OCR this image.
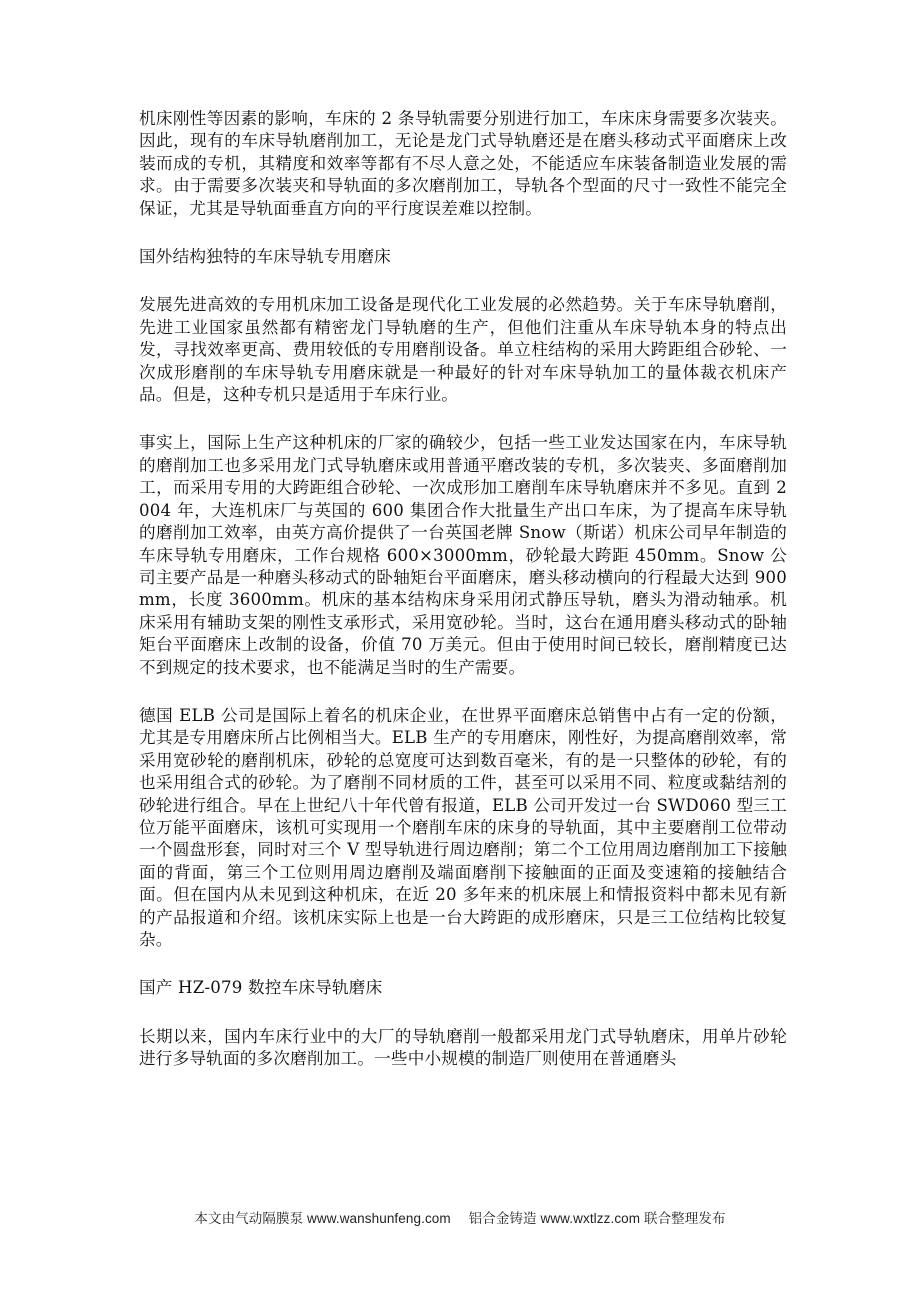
机床刚性等因素的影响，车床的 2 条导轨需要分别进行加工，车床床身需要多次装夹。因此，现有的车床导轨磨削加工，无论是龙门式导轨磨还是在磨头移动式平面磨床上改装而成的专机，其精度和效率等都有不尽人意之处，不能适应车床装备制造业发展的需求。由于需要多次装夹和导轨面的多次磨削加工，导轨各个型面的尺寸一致性不能完全保证，尤其是导轨面垂直方向的平行度误差难以控制。

国外结构独特的车床导轨专用磨床

发展先进高效的专用机床加工设备是现代化工业发展的必然趋势。关于车床导轨磨削，先进工业国家虽然都有精密龙门导轨磨的生产，但他们注重从车床导轨本身的特点出发，寻找效率更高、费用较低的专用磨削设备。单立柱结构的采用大跨距组合砂轮、一次成形磨削的车床导轨专用磨床就是一种最好的针对车床导轨加工的量体裁衣机床产品。但是，这种专机只是适用于车床行业。

事实上，国际上生产这种机床的厂家的确较少，包括一些工业发达国家在内，车床导轨的磨削加工也多采用龙门式导轨磨床或用普通平磨改装的专机，多次装夹、多面磨削加工，而采用专用的大跨距组合砂轮、一次成形加工磨削车床导轨磨床并不多见。直到 2004 年，大连机床厂与英国的 600 集团合作大批量生产出口车床，为了提高车床导轨的磨削加工效率，由英方高价提供了一台英国老牌 Snow（斯诺）机床公司早年制造的车床导轨专用磨床，工作台规格 600×3000mm，砂轮最大跨距 450mm。Snow 公司主要产品是一种磨头移动式的卧轴矩台平面磨床，磨头移动横向的行程最大达到 900mm，长度 3600mm。机床的基本结构床身采用闭式静压导轨，磨头为滑动轴承。机床采用有辅助支架的刚性支承形式，采用宽砂轮。当时，这台在通用磨头移动式的卧轴矩台平面磨床上改制的设备，价值 70 万美元。但由于使用时间已较长，磨削精度已达不到规定的技术要求，也不能满足当时的生产需要。

德国 ELB 公司是国际上着名的机床企业，在世界平面磨床总销售中占有一定的份额，尤其是专用磨床所占比例相当大。ELB 生产的专用磨床，刚性好，为提高磨削效率，常采用宽砂轮的磨削机床，砂轮的总宽度可达到数百毫米，有的是一只整体的砂轮，有的也采用组合式的砂轮。为了磨削不同材质的工件，甚至可以采用不同、粒度或黏结剂的砂轮进行组合。早在上世纪八十年代曾有报道，ELB 公司开发过一台 SWD060 型三工位万能平面磨床，该机可实现用一个磨削车床的床身的导轨面，其中主要磨削工位带动一个圆盘形套，同时对三个 V 型导轨进行周边磨削；第二个工位用周边磨削加工下接触面的背面，第三个工位则用周边磨削及端面磨削下接触面的正面及变速箱的接触结合面。但在国内从未见到这种机床，在近 20 多年来的机床展上和情报资料中都未见有新的产品报道和介绍。该机床实际上也是一台大跨距的成形磨床，只是三工位结构比较复杂。

国产 HZ-079 数控车床导轨磨床

长期以来，国内车床行业中的大厂的导轨磨削一般都采用龙门式导轨磨床，用单片砂轮进行多导轨面的多次磨削加工。一些中小规模的制造厂则使用在普通磨头

本文由气动隔膜泵 www.wanshunfeng.com 铝合金铸造 www.wxtlzz.com 联合整理发布
